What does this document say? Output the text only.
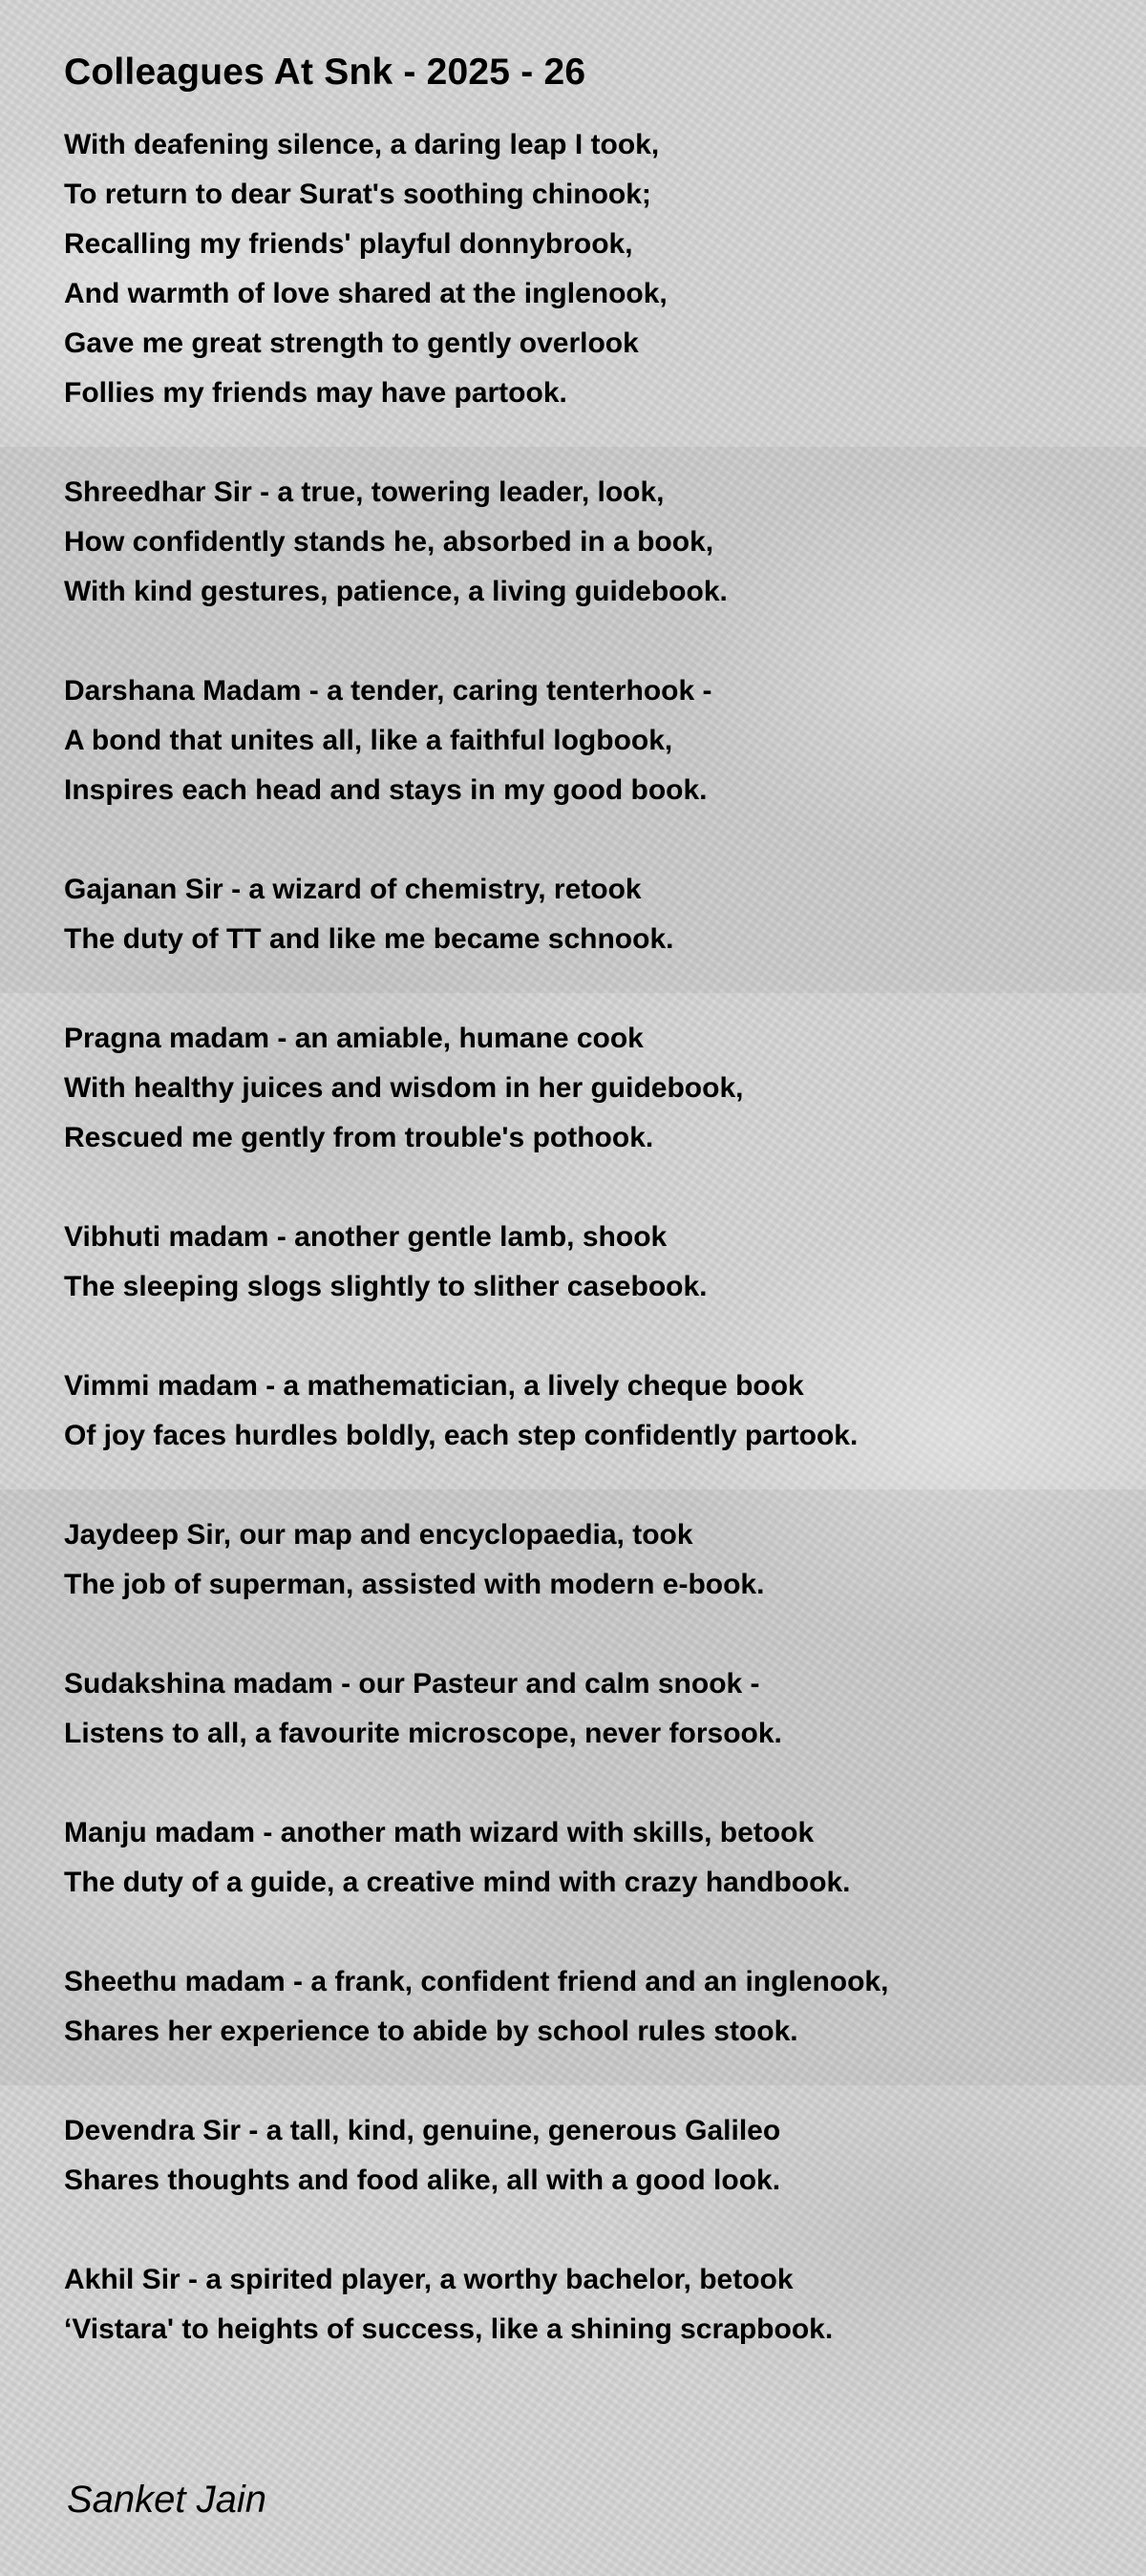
Colleagues At Snk - 2025 - 26
With deafening silence, a daring leap I took,
To return to dear Surat's soothing chinook;
Recalling my friends' playful donnybrook,
And warmth of love shared at the inglenook,
Gave me great strength to gently overlook
Follies my friends may have partook.
Shreedhar Sir - a true, towering leader, look,
How confidently stands he, absorbed in a book,
With kind gestures, patience, a living guidebook.
Darshana Madam - a tender, caring tenterhook -
A bond that unites all, like a faithful logbook,
Inspires each head and stays in my good book.
Gajanan Sir - a wizard of chemistry, retook
The duty of TT and like me became schnook.
Pragna madam - an amiable, humane cook
With healthy juices and wisdom in her guidebook,
Rescued me gently from trouble's pothook.
Vibhuti madam - another gentle lamb, shook
The sleeping slogs slightly to slither casebook.
Vimmi madam - a mathematician, a lively cheque book
Of joy faces hurdles boldly, each step confidently partook.
Jaydeep Sir, our map and encyclopaedia, took
The job of superman, assisted with modern e-book.
Sudakshina madam - our Pasteur and calm snook -
Listens to all, a favourite microscope, never forsook.
Manju madam - another math wizard with skills, betook
The duty of a guide, a creative mind with crazy handbook.
Sheethu madam - a frank, confident friend and an inglenook,
Shares her experience to abide by school rules stook.
Devendra Sir - a tall, kind, genuine, generous Galileo
Shares thoughts and food alike, all with a good look.
Akhil Sir - a spirited player, a worthy bachelor, betook
‘Vistara' to heights of success, like a shining scrapbook.
Sanket Jain
